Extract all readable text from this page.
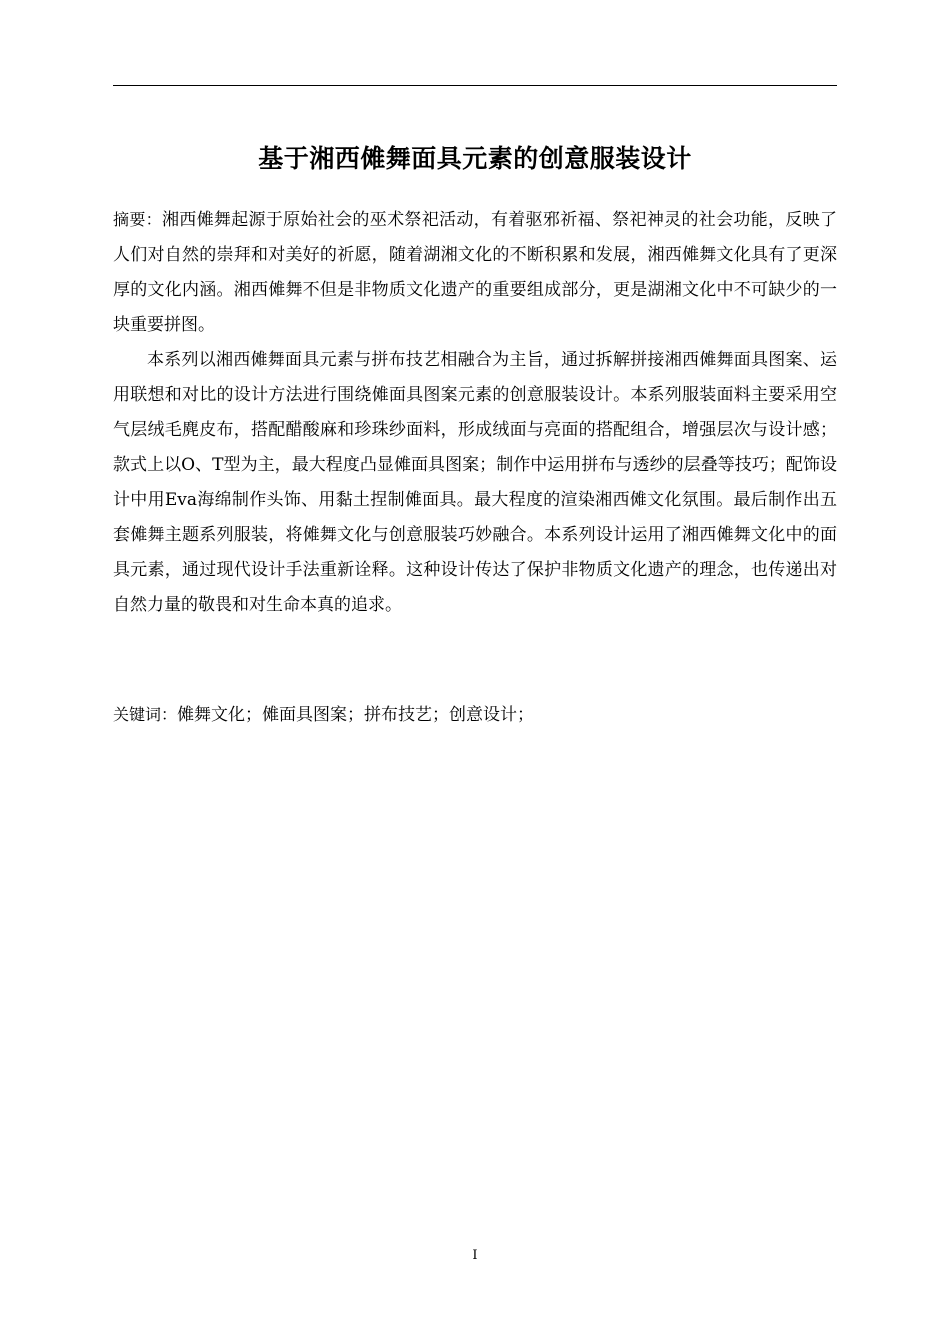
基于湘西傩舞面具元素的创意服装设计

摘要：湘西傩舞起源于原始社会的巫术祭祀活动，有着驱邪祈福、祭祀神灵的社会功能，反映了人们对自然的崇拜和对美好的祈愿，随着湖湘文化的不断积累和发展，湘西傩舞文化具有了更深厚的文化内涵。湘西傩舞不但是非物质文化遗产的重要组成部分，更是湖湘文化中不可缺少的一块重要拼图。

本系列以湘西傩舞面具元素与拼布技艺相融合为主旨，通过拆解拼接湘西傩舞面具图案、运用联想和对比的设计方法进行围绕傩面具图案元素的创意服装设计。本系列服装面料主要采用空气层绒毛麂皮布，搭配醋酸麻和珍珠纱面料，形成绒面与亮面的搭配组合，增强层次与设计感；款式上以O、T型为主，最大程度凸显傩面具图案；制作中运用拼布与透纱的层叠等技巧；配饰设计中用Eva海绵制作头饰、用黏土捏制傩面具。最大程度的渲染湘西傩文化氛围。最后制作出五套傩舞主题系列服装，将傩舞文化与创意服装巧妙融合。本系列设计运用了湘西傩舞文化中的面具元素，通过现代设计手法重新诠释。这种设计传达了保护非物质文化遗产的理念，也传递出对自然力量的敬畏和对生命本真的追求。

关键词：傩舞文化；傩面具图案；拼布技艺；创意设计；
I
